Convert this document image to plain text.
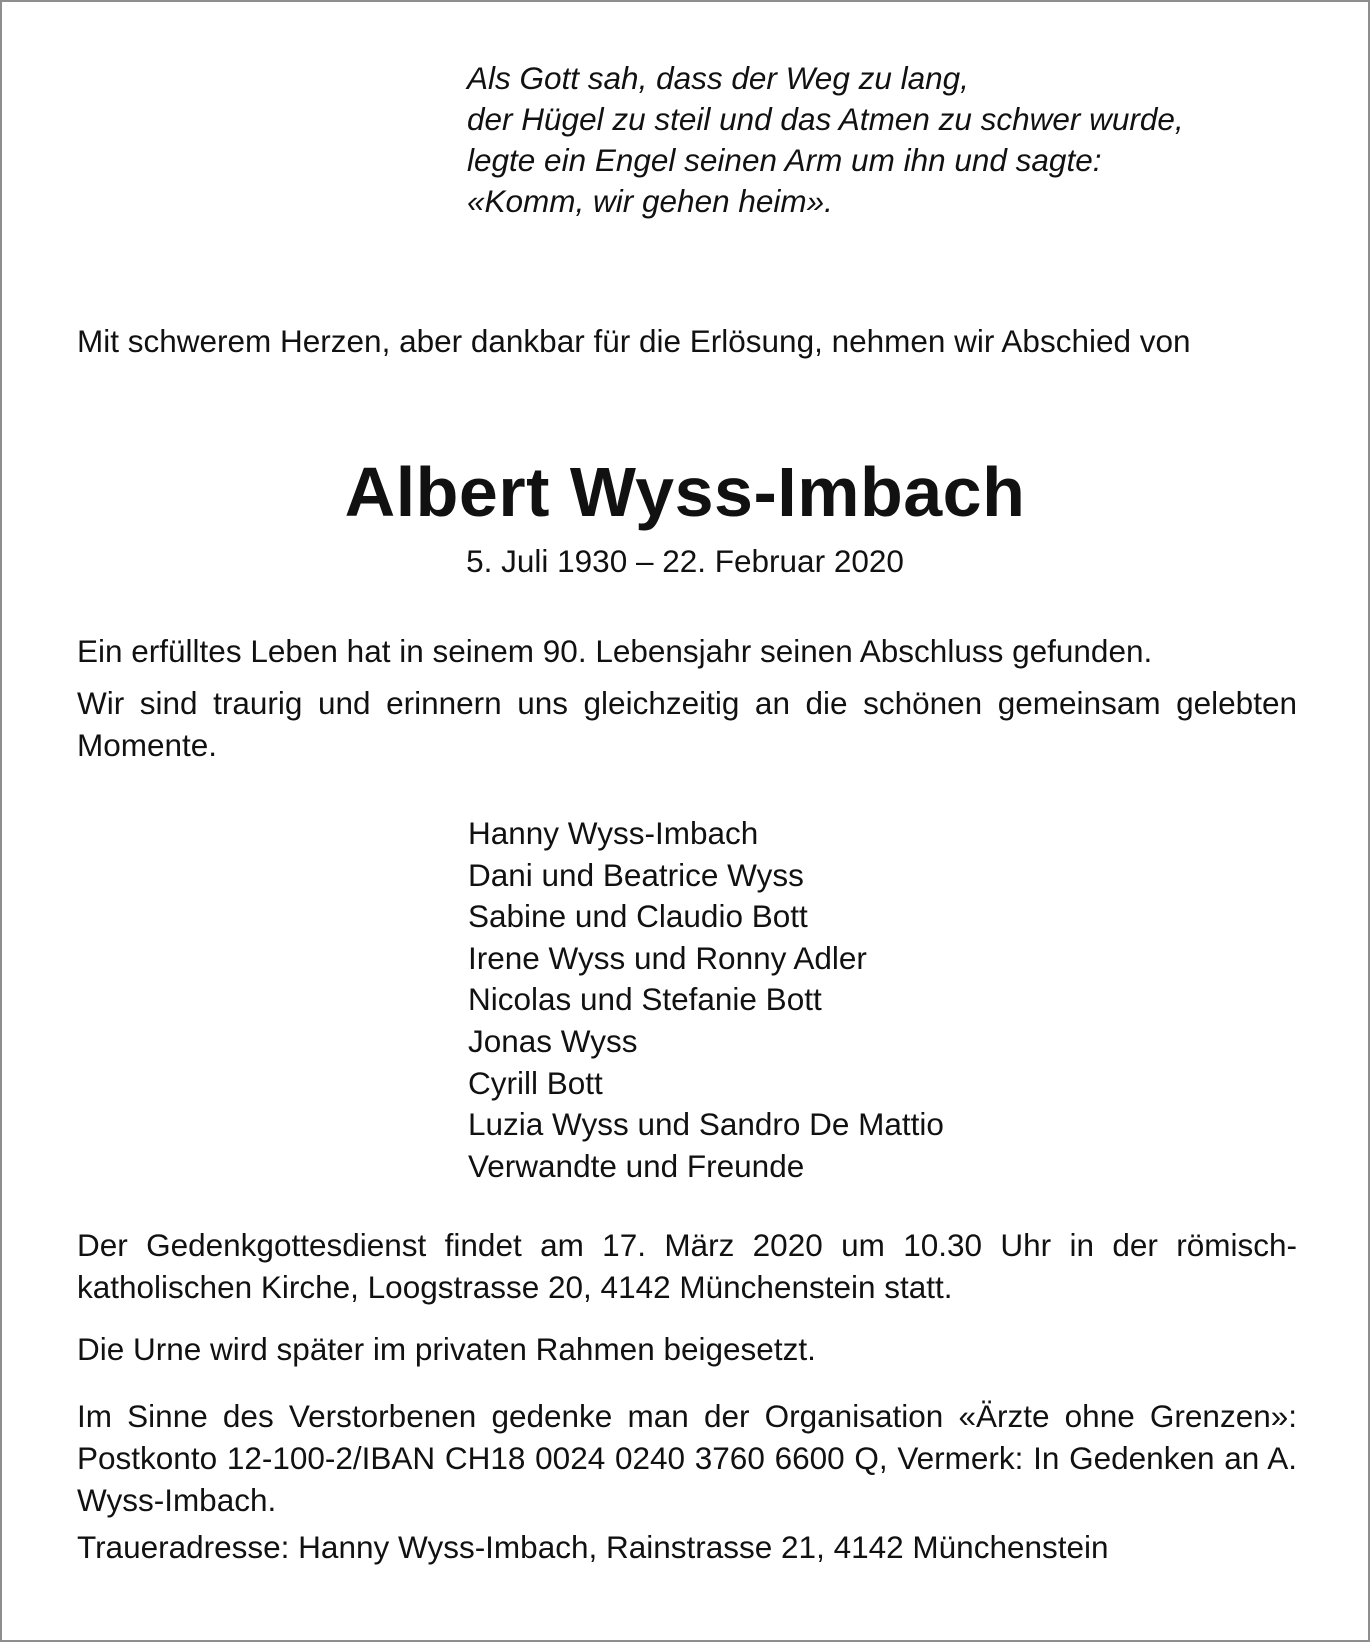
Als Gott sah, dass der Weg zu lang,
der Hügel zu steil und das Atmen zu schwer wurde,
legte ein Engel seinen Arm um ihn und sagte:
«Komm, wir gehen heim».
Mit schwerem Herzen, aber dankbar für die Erlösung, nehmen wir Abschied von
Albert Wyss-Imbach
5. Juli 1930 – 22. Februar 2020
Ein erfülltes Leben hat in seinem 90. Lebensjahr seinen Abschluss gefunden.
Wir sind traurig und erinnern uns gleichzeitig an die schönen gemeinsam gelebten Momente.
Hanny Wyss-Imbach
Dani und Beatrice Wyss
Sabine und Claudio Bott
Irene Wyss und Ronny Adler
Nicolas und Stefanie Bott
Jonas Wyss
Cyrill Bott
Luzia Wyss und Sandro De Mattio
Verwandte und Freunde
Der Gedenkgottesdienst findet am 17. März 2020 um 10.30 Uhr in der römisch-katholischen Kirche, Loogstrasse 20, 4142 Münchenstein statt.
Die Urne wird später im privaten Rahmen beigesetzt.
Im Sinne des Verstorbenen gedenke man der Organisation «Ärzte ohne Grenzen»: Postkonto 12-100-2/IBAN CH18 0024 0240 3760 6600 Q, Vermerk: In Gedenken an A. Wyss-Imbach.
Traueradresse: Hanny Wyss-Imbach, Rainstrasse 21, 4142 Münchenstein
